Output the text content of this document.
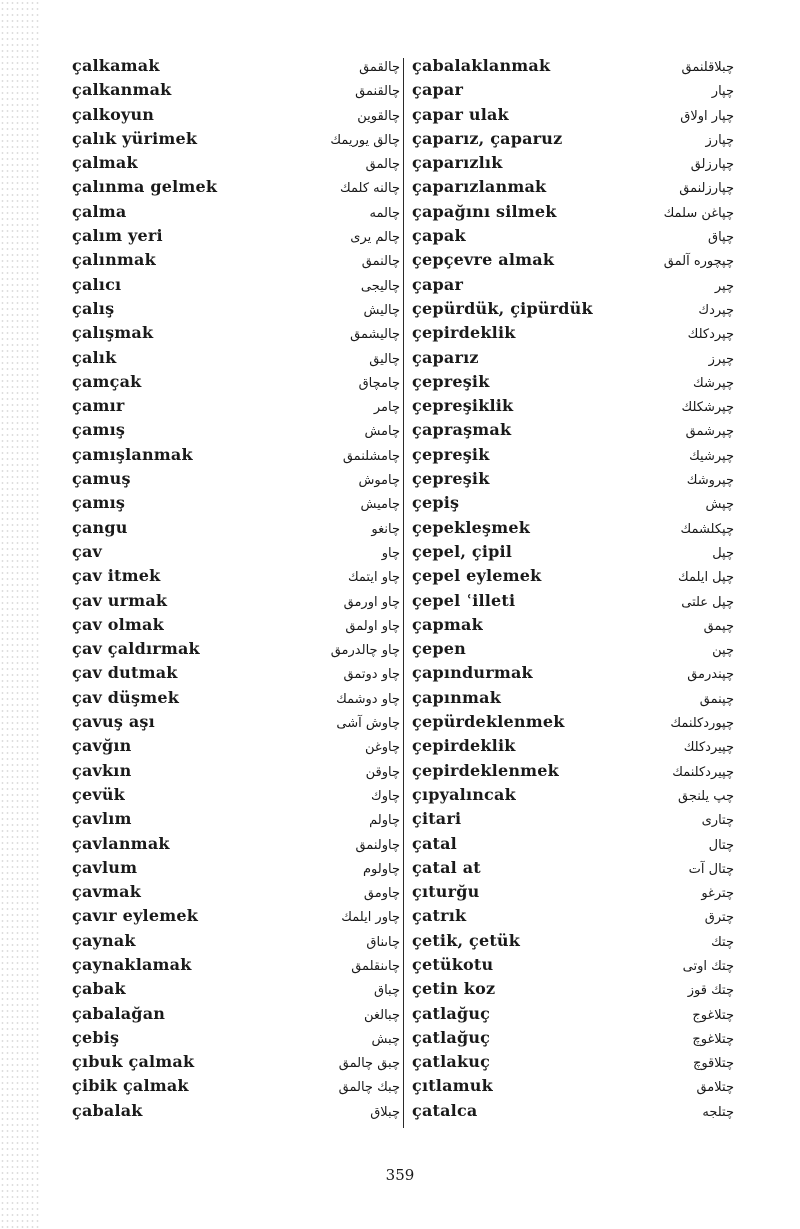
çalkamak	چالقمق
çalkanmak	چالقنمق
çalkoyun	چالقوين
çalık yürimek	چالق يوريمك
çalmak	چالمق
çalınma gelmek	چالنه كلمك
çalma	چالمه
çalım yeri	چالم يرى
çalınmak	چالنمق
çalıcı	چاليجى
çalış	چاليش
çalışmak	چاليشمق
çalık	چاليق
çamçak	چامچاق
çamır	چامر
çamış	چامش
çamışlanmak	چامشلنمق
çamuş	چاموش
çamış	چاميش
çangu	چانغو
çav	چاو
çav itmek	چاو ايتمك
çav urmak	چاو اورمق
çav olmak	چاو اولمق
çav çaldırmak	چاو چالدرمق
çav dutmak	چاو دوتمق
çav düşmek	چاو دوشمك
çavuş aşı	چاوش آشى
çavğın	چاوغن
çavkın	چاوقن
çevük	چاوك
çavlım	چاولم
çavlanmak	چاولنمق
çavlum	چاولوم
çavmak	چاومق
çavır eylemek	چاور ايلمك
çaynak	چاىناق
çaynaklamak	چاىنقلمق
çabak	چباق
çabalağan	چبالغن
çebiş	چبش
çıbuk çalmak	چبق چالمق
çibik çalmak	چبك چالمق
çabalak	چبلاق
çabalaklanmak	چبلاقلنمق
çapar	چپار
çapar ulak	چپار اولاق
çaparız, çaparuz	چپارز
çaparızlık	چپارزلق
çaparızlanmak	چپارزلنمق
çapağını silmek	چپاغن سلمك
çapak	چپاق
çepçevre almak	چپچوره آلمق
çapar	چپر
çepürdük, çipürdük	چپردك
çepirdeklik	چپردكلك
çaparız	چپرز
çepreşik	چپرشك
çepreşiklik	چپرشكلك
çapraşmak	چپرشمق
çepreşik	چپرشيك
çepreşik	چپروشك
çepiş	چپش
çepekleşmek	چپكلشمك
çepel, çipil	چپل
çepel eylemek	چپل ايلمك
çepel ʿilleti	چپل علتى
çapmak	چپمق
çepen	چپن
çapındurmak	چپندرمق
çapınmak	چپنمق
çepürdeklenmek	چپوردكلنمك
çepirdeklik	چپيردكلك
çepirdeklenmek	چپيردكلنمك
çıpyalıncak	چپ يلنجق
çitari	چتارى
çatal	چتال
çatal at	چتال آت
çıturğu	چترغو
çatrık	چترق
çetik, çetük	چتك
çetükotu	چتك اوتى
çetin koz	چتك قوز
çatlağuç	چتلاغوج
çatlağuç	چتلاغوچ
çatlakuç	چتلاقوچ
çıtlamuk	چتلامق
çatalca	چتلجه
359
